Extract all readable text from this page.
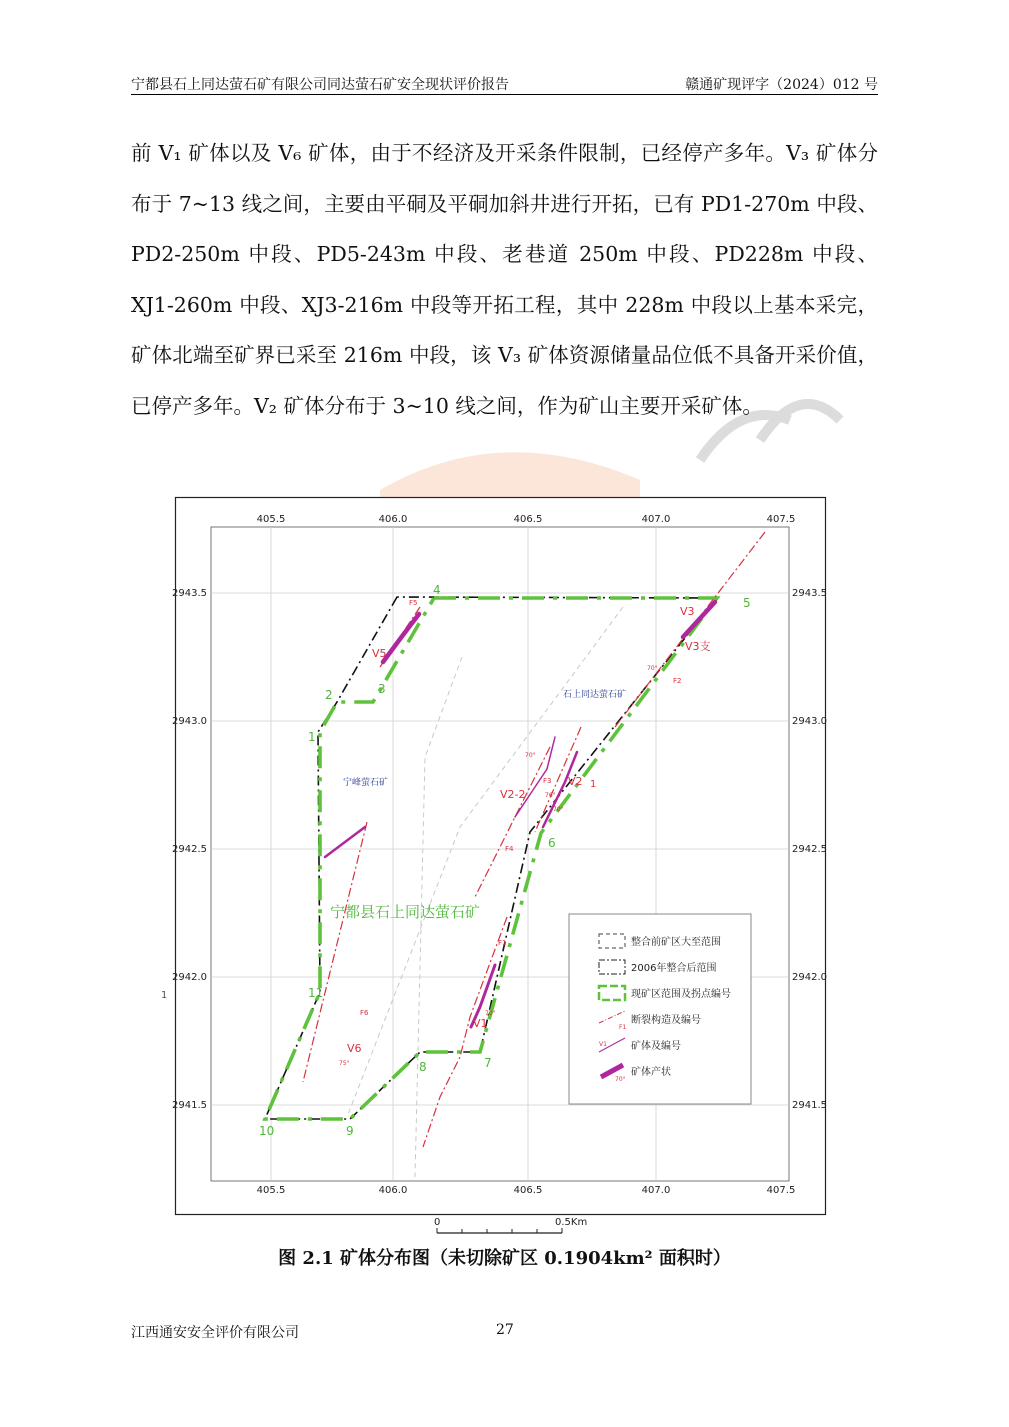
宁都县石上同达萤石矿有限公司同达萤石矿安全现状评价报告	赣通矿现评字（2024）012 号

前 V₁ 矿体以及 V₆ 矿体，由于不经济及开采条件限制，已经停产多年。V₃ 矿体分布于 7~13 线之间，主要由平硐及平硐加斜井进行开拓，已有 PD1-270m 中段、PD2-250m 中段、PD5-243m 中段、老巷道 250m 中段、PD228m 中段、XJ1-260m 中段、XJ3-216m 中段等开拓工程，其中 228m 中段以上基本采完，矿体北端至矿界已采至 216m 中段，该 V₃ 矿体资源储量品位低不具备开采价值，已停产多年。V₂ 矿体分布于 3~10 线之间，作为矿山主要开采矿体。

405.5
405.5
406.0
406.0
406.5
406.5
407.0
407.0
407.5
407.5
2943.5	2943.5
2943.0	2943.0
2942.5	2942.5
2942.0	2942.0
2941.5	2941.5
宁都县石上同达萤石矿
宁峰萤石矿
石上同达萤石矿
1
2	3
4
5
6
7
8
9
10
11
V5
V3
V3支
V2
V2-2
V1
V6
F5
F2
F3
F4
F1
F6
70°
76°
70°
70°
70°
75°
1
1
F1
V1
70°
整合前矿区大至范围
2006年整合后范围
现矿区范围及拐点编号
断裂构造及编号
矿体及编号
矿体产状
0	0.5Km
图 2.1 矿体分布图（未切除矿区 0.1904km² 面积时）
江西通安安全评价有限公司	27
